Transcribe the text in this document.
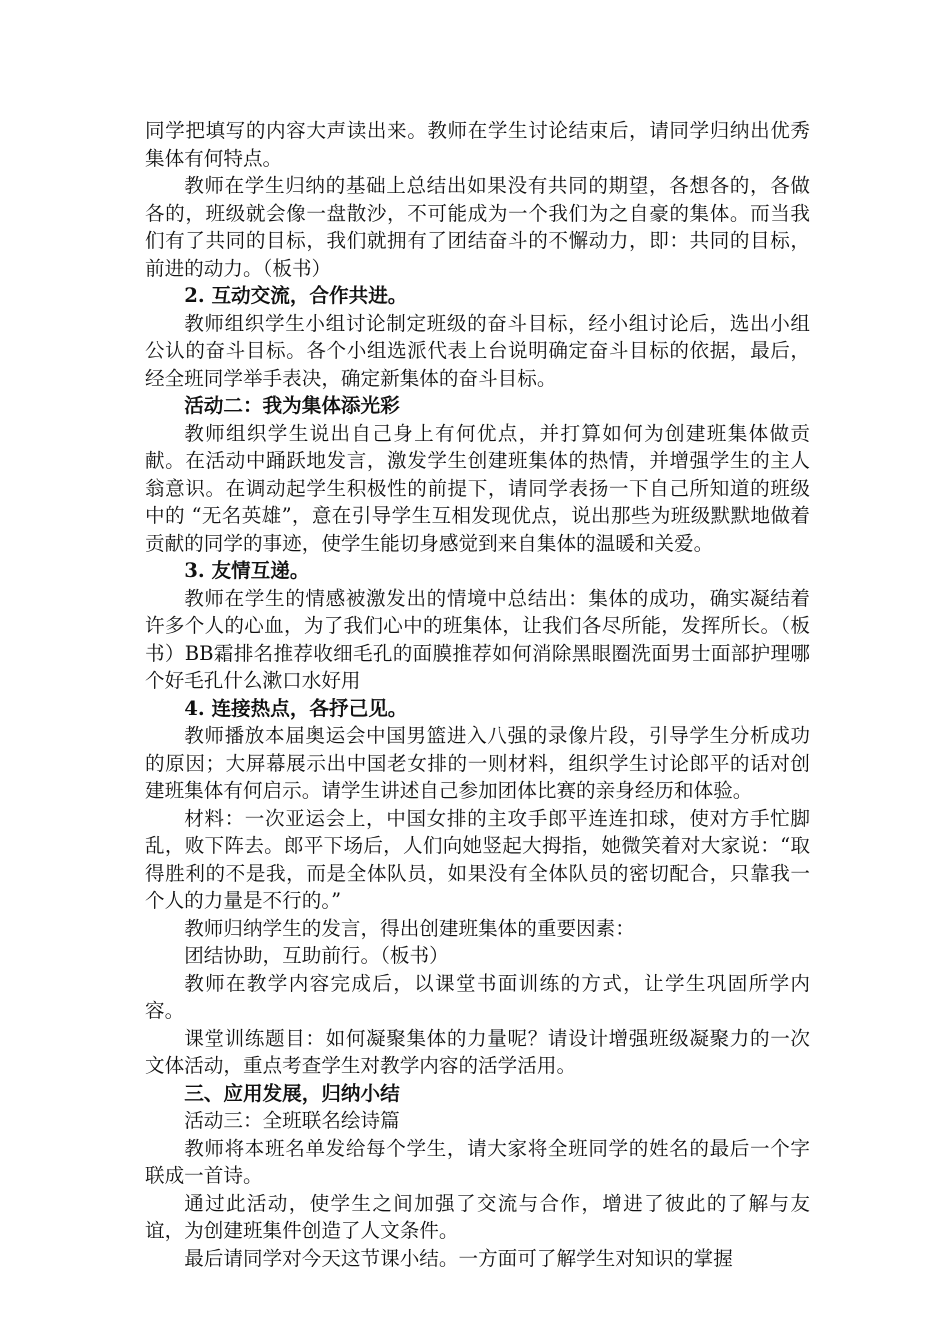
同学把填写的内容大声读出来。教师在学生讨论结束后，请同学归纳出优秀集体有何特点。

教师在学生归纳的基础上总结出如果没有共同的期望，各想各的，各做各的，班级就会像一盘散沙，不可能成为一个我们为之自豪的集体。而当我们有了共同的目标，我们就拥有了团结奋斗的不懈动力，即：共同的目标，前进的动力。（板书）

2. 互动交流，合作共进。

教师组织学生小组讨论制定班级的奋斗目标，经小组讨论后，选出小组公认的奋斗目标。各个小组选派代表上台说明确定奋斗目标的依据，最后，经全班同学举手表决，确定新集体的奋斗目标。

活动二：我为集体添光彩

教师组织学生说出自己身上有何优点，并打算如何为创建班集体做贡献。在活动中踊跃地发言，激发学生创建班集体的热情，并增强学生的主人翁意识。在调动起学生积极性的前提下，请同学表扬一下自己所知道的班级中的 “无名英雄”，意在引导学生互相发现优点，说出那些为班级默默地做着贡献的同学的事迹，使学生能切身感觉到来自集体的温暖和关爱。

3. 友情互递。

教师在学生的情感被激发出的情境中总结出：集体的成功，确实凝结着许多个人的心血，为了我们心中的班集体，让我们各尽所能，发挥所长。（板书）BB霜排名推荐收细毛孔的面膜推荐如何消除黑眼圈洗面男士面部护理哪个好毛孔什么漱口水好用

4. 连接热点，各抒己见。

教师播放本届奥运会中国男篮进入八强的录像片段，引导学生分析成功的原因；大屏幕展示出中国老女排的一则材料，组织学生讨论郎平的话对创建班集体有何启示。请学生讲述自己参加团体比赛的亲身经历和体验。

材料：一次亚运会上，中国女排的主攻手郎平连连扣球，使对方手忙脚乱，败下阵去。郎平下场后，人们向她竖起大拇指，她微笑着对大家说：“取得胜利的不是我，而是全体队员，如果没有全体队员的密切配合，只靠我一个人的力量是不行的。”

教师归纳学生的发言，得出创建班集体的重要因素：

团结协助，互助前行。（板书）

教师在教学内容完成后，以课堂书面训练的方式，让学生巩固所学内容。

课堂训练题目：如何凝聚集体的力量呢？请设计增强班级凝聚力的一次文体活动，重点考查学生对教学内容的活学活用。

三、应用发展，归纳小结

活动三：全班联名绘诗篇

教师将本班名单发给每个学生，请大家将全班同学的姓名的最后一个字联成一首诗。

通过此活动，使学生之间加强了交流与合作，增进了彼此的了解与友谊，为创建班集件创造了人文条件。

最后请同学对今天这节课小结。一方面可了解学生对知识的掌握
